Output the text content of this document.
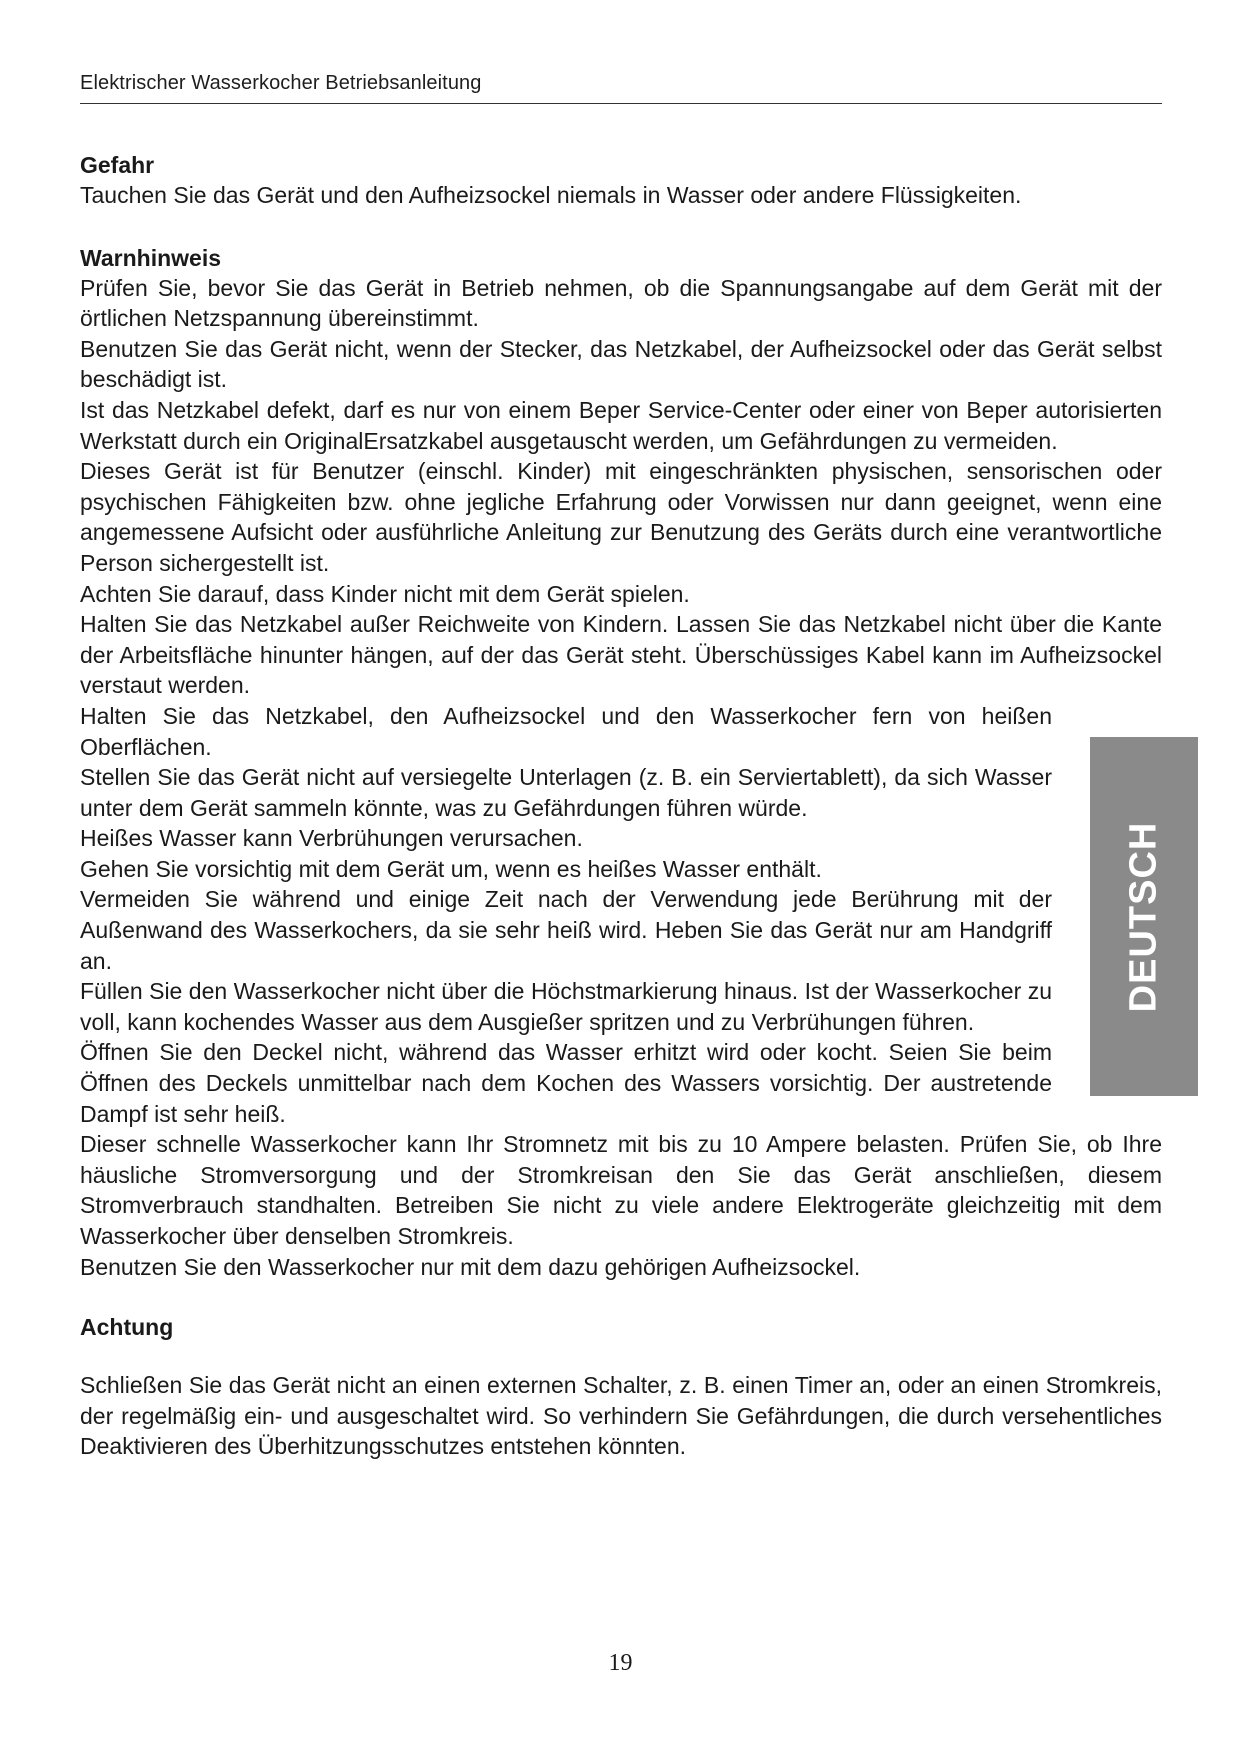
Elektrischer Wasserkocher Betriebsanleitung

Gefahr

Tauchen Sie das Gerät und den Aufheizsockel niemals in Wasser oder andere Flüssigkeiten.

Warnhinweis

Prüfen Sie, bevor Sie das Gerät in Betrieb nehmen, ob die Spannungsangabe auf dem Gerät mit der örtlichen Netzspannung übereinstimmt.

Benutzen Sie das Gerät nicht, wenn der Stecker, das Netzkabel, der Aufheizsockel oder das Gerät selbst beschädigt ist.

Ist das Netzkabel defekt, darf es nur von einem Beper Service-Center oder einer von Beper autorisierten Werkstatt durch ein OriginalErsatzkabel ausgetauscht werden, um Gefährdungen zu vermeiden.

Dieses Gerät ist für Benutzer (einschl. Kinder) mit eingeschränkten physischen, sensorischen oder psychischen Fähigkeiten bzw. ohne jegliche Erfahrung oder Vorwissen nur dann geeignet, wenn eine angemessene Aufsicht oder ausführliche Anleitung zur Benutzung des Geräts durch eine verantwortliche Person sichergestellt ist.

Achten Sie darauf, dass Kinder nicht mit dem Gerät spielen.

Halten Sie das Netzkabel außer Reichweite von Kindern. Lassen Sie das Netzkabel nicht über die Kante der Arbeitsfläche hinunter hängen, auf der das Gerät steht. Überschüssiges Kabel kann im Aufheizsockel verstaut werden.

Halten Sie das Netzkabel, den Aufheizsockel und den Wasserkocher fern von heißen Oberflächen.

Stellen Sie das Gerät nicht auf versiegelte Unterlagen (z. B. ein Serviertablett), da sich Wasser unter dem Gerät sammeln könnte, was zu Gefährdungen führen würde.

Heißes Wasser kann Verbrühungen verursachen.

Gehen Sie vorsichtig mit dem Gerät um, wenn es heißes Wasser enthält.

Vermeiden Sie während und einige Zeit nach der Verwendung jede Berührung mit der Außenwand des Wasserkochers, da sie sehr heiß wird. Heben Sie das Gerät nur am Handgriff an.

Füllen Sie den Wasserkocher nicht über die Höchstmarkierung hinaus. Ist der Wasserkocher zu voll, kann kochendes Wasser aus dem Ausgießer spritzen und zu Verbrühungen führen.

Öffnen Sie den Deckel nicht, während das Wasser erhitzt wird oder kocht. Seien Sie beim Öffnen des Deckels unmittelbar nach dem Kochen des Wassers vorsichtig. Der austretende Dampf ist sehr heiß.

Dieser schnelle Wasserkocher kann Ihr Stromnetz mit bis zu 10 Ampere belasten. Prüfen Sie, ob Ihre häusliche Stromversorgung und der Stromkreisan den Sie das Gerät anschließen, diesem Stromverbrauch standhalten. Betreiben Sie nicht zu viele andere Elektrogeräte gleichzeitig mit dem Wasserkocher über denselben Stromkreis.

Benutzen Sie den Wasserkocher nur mit dem dazu gehörigen Aufheizsockel.

Achtung

Schließen Sie das Gerät nicht an einen externen Schalter, z. B. einen Timer an, oder an einen Stromkreis, der regelmäßig ein- und ausgeschaltet wird. So verhindern Sie Gefährdungen, die durch versehentliches Deaktivieren des Überhitzungsschutzes entstehen könnten.

DEUTSCH
19
